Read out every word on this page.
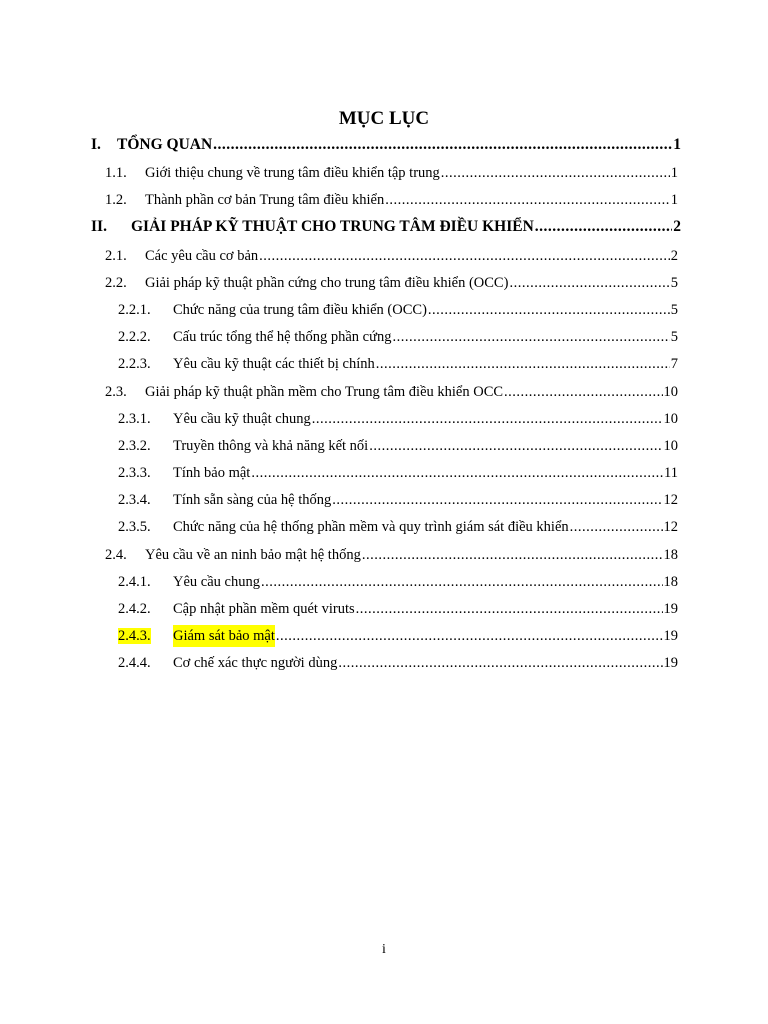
MỤC LỤC
I.	TỔNG QUAN .....	1
1.1.	Giới thiệu chung về trung tâm điều khiển tập trung .....	1
1.2.	Thành phần cơ bản Trung tâm điều khiển .....	1
II.	GIẢI PHÁP KỸ THUẬT CHO TRUNG TÂM ĐIỀU KHIỂN .....	2
2.1.	Các yêu cầu cơ bản .....	2
2.2.	Giải pháp kỹ thuật phần cứng cho trung tâm điều khiển (OCC) .....	5
2.2.1.	Chức năng của trung tâm điều khiển (OCC) .....	5
2.2.2.	Cấu trúc tổng thể hệ thống phần cứng .....	5
2.2.3.	Yêu cầu kỹ thuật các thiết bị chính .....	7
2.3.	Giải pháp kỹ thuật phần mềm cho Trung tâm điều khiển OCC .....	10
2.3.1.	Yêu cầu kỹ thuật chung .....	10
2.3.2.	Truyền thông và khả năng kết nối .....	10
2.3.3.	Tính bảo mật .....	11
2.3.4.	Tính sẵn sàng của hệ thống .....	12
2.3.5.	Chức năng của hệ thống phần mềm và quy trình giám sát điều khiển .....	12
2.4.	Yêu cầu về an ninh bảo mật hệ thống .....	18
2.4.1.	Yêu cầu chung .....	18
2.4.2.	Cập nhật phần mềm quét viruts .....	19
2.4.3.	Giám sát bảo mật .....	19
2.4.4.	Cơ chế xác thực người dùng .....	19
i
